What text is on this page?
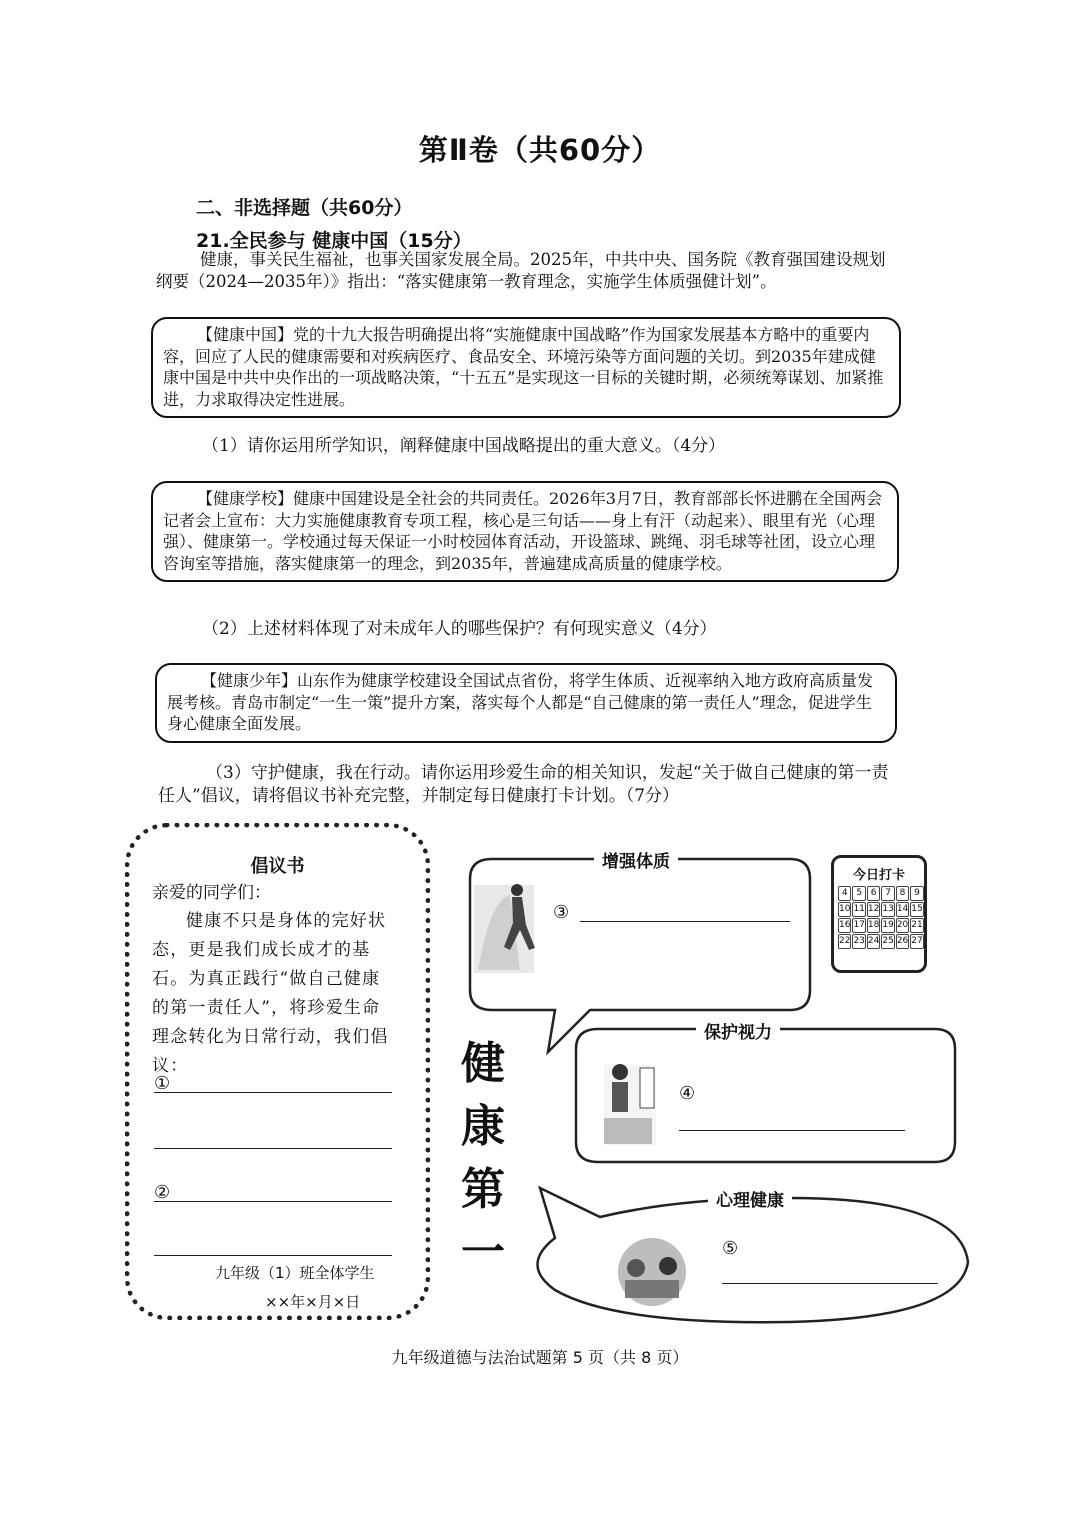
第Ⅱ卷（共60分）
二、非选择题（共60分）
21.全民参与 健康中国（15分）
健康，事关民生福祉，也事关国家发展全局。2025年，中共中央、国务院《教育强国建设规划纲要（2024—2035年）》指出：“落实健康第一教育理念，实施学生体质强健计划”。
【健康中国】党的十九大报告明确提出将“实施健康中国战略”作为国家发展基本方略中的重要内容，回应了人民的健康需要和对疾病医疗、食品安全、环境污染等方面问题的关切。到2035年建成健康中国是中共中央作出的一项战略决策，“十五五”是实现这一目标的关键时期，必须统筹谋划、加紧推进，力求取得决定性进展。
（1）请你运用所学知识，阐释健康中国战略提出的重大意义。（4分）
【健康学校】健康中国建设是全社会的共同责任。2026年3月7日，教育部部长怀进鹏在全国两会记者会上宣布：大力实施健康教育专项工程，核心是三句话——身上有汗（动起来）、眼里有光（心理强）、健康第一。学校通过每天保证一小时校园体育活动，开设篮球、跳绳、羽毛球等社团，设立心理咨询室等措施，落实健康第一的理念，到2035年，普遍建成高质量的健康学校。
（2）上述材料体现了对未成年人的哪些保护？有何现实意义（4分）
【健康少年】山东作为健康学校建设全国试点省份，将学生体质、近视率纳入地方政府高质量发展考核。青岛市制定“一生一策”提升方案，落实每个人都是“自己健康的第一责任人”理念，促进学生身心健康全面发展。
（3）守护健康，我在行动。请你运用珍爱生命的相关知识，发起“关于做自己健康的第一责任人”倡议，请将倡议书补充完整，并制定每日健康打卡计划。（7分）
倡议书
亲爱的同学们：
健康不只是身体的完好状态，更是我们成长成才的基石。为真正践行“做自己健康的第一责任人”，将珍爱生命理念转化为日常行动，我们倡议：
①
②
九年级（1）班全体学生
××年×月×日
健
康
第
一
增强体质
③
保护视力
④
心理健康
⑤
今日打卡
4 5 6 7 8 9
10 11 12 13 14 15
16 17 18 19 20 21
22 23 24 25 26 27
九年级道德与法治试题第 5 页（共 8 页）
